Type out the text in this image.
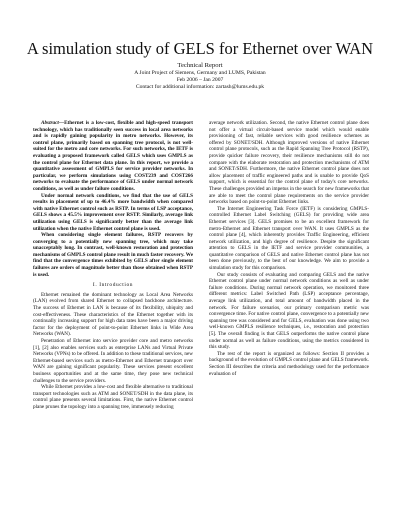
A simulation study of GELS for Ethernet over WAN
Technical Report
A Joint Project of Siemens, Germany and LUMS, Pakistan
Feb 2006 – Jan 2007
Contact for additional information: zartash@lums.edu.pk

Abstract—Ethernet is a low-cost, flexible and high-speed transport technology, which has traditionally seen success in local area networks and is rapidly gaining popularity in metro networks. However, its control plane, primarily based on spanning tree protocol, is not well-suited for the metro and core networks. For such networks, the IETF is evaluating a proposed framework called GELS which uses GMPLS as the control plane for Ethernet data plane. In this report, we provide a quantitative assessment of GMPLS for service provider networks. In particular, we perform simulations using COST239 and COST266 networks to evaluate the performance of GELS under normal network conditions, as well as under failure conditions.

Under normal network conditions, we find that the use of GELS results in placement of up to 46.4% more bandwidth when compared with native Ethernet control such as RSTP. In terms of LSP acceptance, GELS shows a 45.5% improvement over RSTP. Similarly, average link utilization using GELS is significantly better than the average link utilization when the native Ethernet control plane is used.

When considering single element failures, RSTP recovers by converging to a potentially new spanning tree, which may take unacceptably long. In contrast, well-known restoration and protection mechanisms of GMPLS control plane result in much faster recovery. We find that the convergence times exhibited by GELS after single element failures are orders of magnitude better than those obtained when RSTP is used.

I. Introduction

Ethernet remained the dominant technology as Local Area Networks (LAN) evolved from shared Ethernet to collapsed backbone architecture. The success of Ethernet in LAN is because of its flexibility, ubiquity and cost-effectiveness. These characteristics of the Ethernet together with its continually increasing support for high data rates have been a major driving factor for the deployment of point-to-point Ethernet links in Wide Area Networks (WAN).

Penetration of Ethernet into service provider core and metro networks [1], [2] also enables services such as enterprise LANs and Virtual Private Networks (VPNs) to be offered. In addition to these traditional services, new Ethernet-based services such as metro-Ethernet and Ethernet transport over WAN are gaining significant popularity. These services present excellent business opportunities and at the same time, they pose new technical challenges to the service providers.

While Ethernet provides a low-cost and flexible alternative to traditional transport technologies such as ATM and SONET/SDH in the data plane, its control plane presents several limitations. First, the native Ethernet control plane prunes the topology into a spanning tree, immensely reducing

average network utilization. Second, the native Ethernet control plane does not offer a virtual circuit-based service model which would enable provisioning of fast, reliable services with good resilience schemes as offered by SONET/SDH. Although improved versions of native Ethernet control plane protocols, such as the Rapid Spanning Tree Protocol (RSTP), provide quicker failure recovery, their resilience mechanisms still do not compare with the elaborate restoration and protection mechanisms of ATM and SONET/SDH. Furthermore, the native Ethernet control plane does not allow placement of traffic engineered paths and is unable to provide QoS support, which is essential for the control plane of today's core networks. These challenges provided an impetus in the search for new frameworks that are able to meet the control plane requirements on the service provider networks based on point-to-point Ethernet links.

The Internet Engineering Task Force (IETF) is considering GMPLS-controlled Ethernet Label Switching (GELS) for providing wide area Ethernet services [3]. GELS promises to be an excellent framework for metro-Ethernet and Ethernet transport over WAN. It uses GMPLS as the control plane [4], which inherently provides Traffic Engineering, efficient network utilization, and high degree of resilience. Despite the significant attention to GELS in the IETF and service provider communities, a quantitative comparison of GELS and native Ethernet control plane has not been done previously, to the best of our knowledge. We aim to provide a simulation study for this comparison.

Our study consists of evaluating and comparing GELS and the native Ethernet control plane under normal network conditions as well as under failure conditions. During normal network operation, we monitored three different metrics: Label Switched Path (LSP) acceptance percentage, average link utilization, and total amount of bandwidth placed in the network. For failure scenarios, our primary comparison metric was convergence time. For native control plane, convergence to a potentially new spanning tree was considered and for GELS, evaluation was done using two well-known GMPLS resilience techniques, i.e., restoration and protection [5]. The overall finding is that GELS outperforms the native control plane under normal as well as failure conditions, using the metrics considered in this study.

The rest of the report is organized as follows: Section II provides a background of the evolution of GMPLS control plane and GELS framework. Section III describes the criteria and methodology used for the performance evaluation of
